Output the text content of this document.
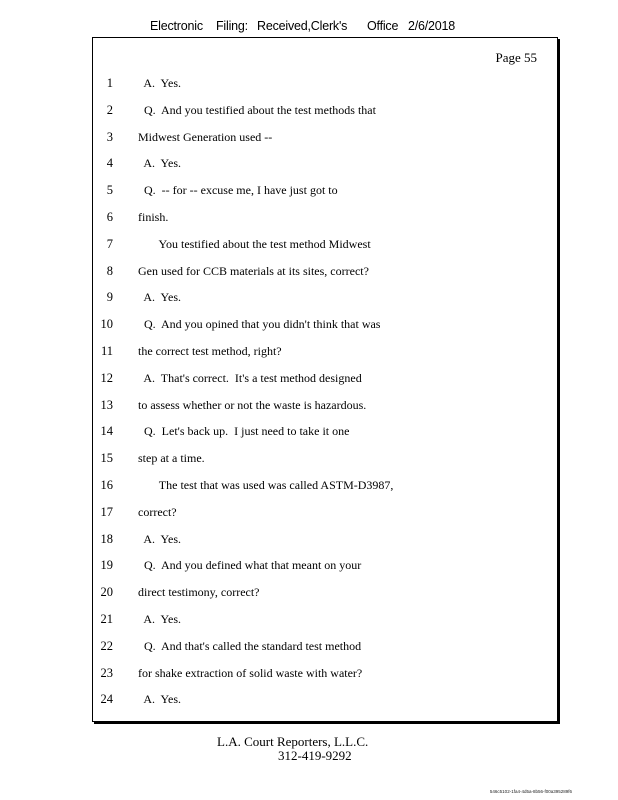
Electronic Filing: Received,Clerk's Office 2/6/2018
Page 55
1 A.  Yes.
2 Q.  And you testified about the test methods that
3 Midwest Generation used --
4 A.  Yes.
5 Q.  -- for -- excuse me, I have just got to
6 finish.
7 You testified about the test method Midwest
8 Gen used for CCB materials at its sites, correct?
9 A.  Yes.
10 Q.  And you opined that you didn't think that was
11 the correct test method, right?
12 A.  That's correct.  It's a test method designed
13 to assess whether or not the waste is hazardous.
14 Q.  Let's back up.  I just need to take it one
15 step at a time.
16 The test that was used was called ASTM-D3987,
17 correct?
18 A.  Yes.
19 Q.  And you defined what that meant on your
20 direct testimony, correct?
21 A.  Yes.
22 Q.  And that's called the standard test method
23 for shake extraction of solid waste with water?
24 A.  Yes.
L.A. Court Reporters, L.L.C.
312-419-9292
546c5102-1fa4-4d5a-8b56-f00a395289f6
